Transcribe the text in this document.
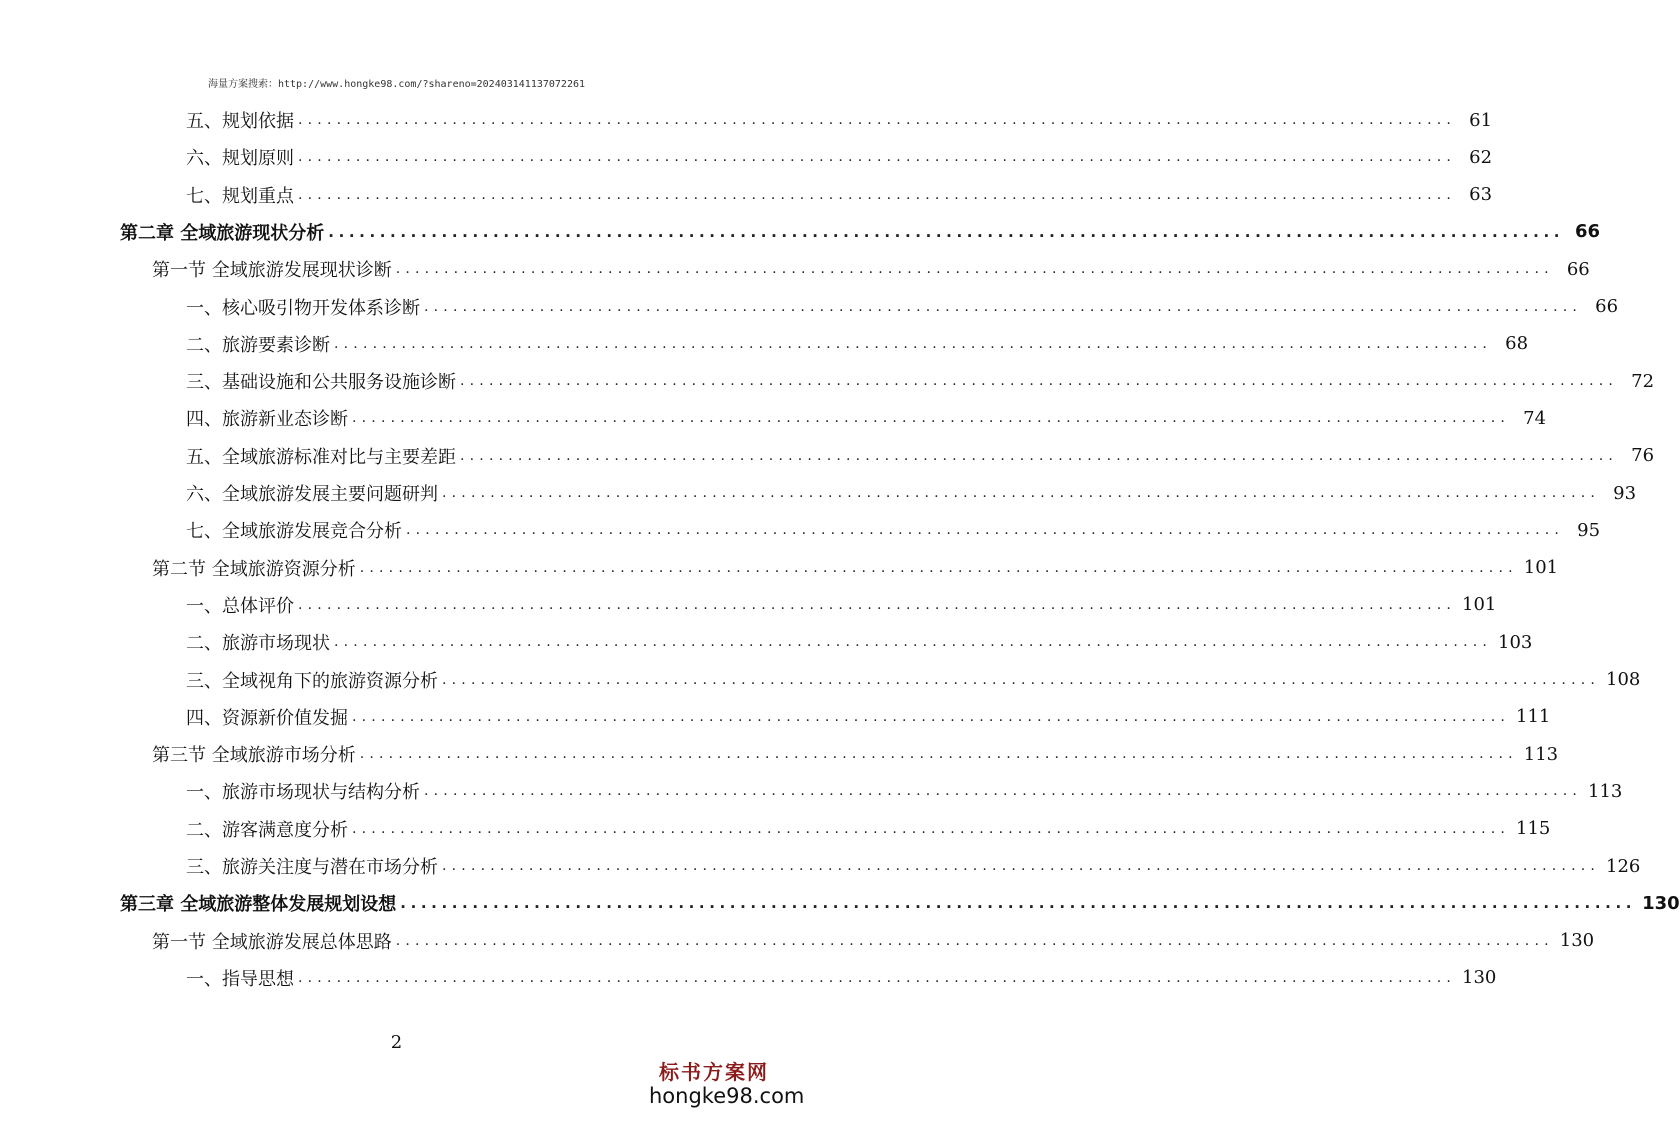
海量方案搜索：http://www.hongke98.com/?shareno=202403141137072261
五、规划依据 ........................................................................................................................ 61
六、规划原则 ........................................................................................................................ 62
七、规划重点 ........................................................................................................................ 63
第二章 全域旅游现状分析 ........................................................................................................................ 66
第一节 全域旅游发展现状诊断 ........................................................................................................................ 66
一、核心吸引物开发体系诊断 ........................................................................................................................ 66
二、旅游要素诊断 ........................................................................................................................ 68
三、基础设施和公共服务设施诊断 ........................................................................................................................ 72
四、旅游新业态诊断 ........................................................................................................................ 74
五、全域旅游标准对比与主要差距 ........................................................................................................................ 76
六、全域旅游发展主要问题研判 ........................................................................................................................ 93
七、全域旅游发展竞合分析 ........................................................................................................................ 95
第二节 全域旅游资源分析 ........................................................................................................................ 101
一、总体评价 ........................................................................................................................ 101
二、旅游市场现状 ........................................................................................................................ 103
三、全域视角下的旅游资源分析 ........................................................................................................................ 108
四、资源新价值发掘 ........................................................................................................................ 111
第三节 全域旅游市场分析 ........................................................................................................................ 113
一、旅游市场现状与结构分析 ........................................................................................................................ 113
二、游客满意度分析 ........................................................................................................................ 115
三、旅游关注度与潜在市场分析 ........................................................................................................................ 126
第三章 全域旅游整体发展规划设想 ........................................................................................................................ 130
第一节 全域旅游发展总体思路 ........................................................................................................................ 130
一、指导思想 ........................................................................................................................ 130
2
标书方案网
hongke98.com
